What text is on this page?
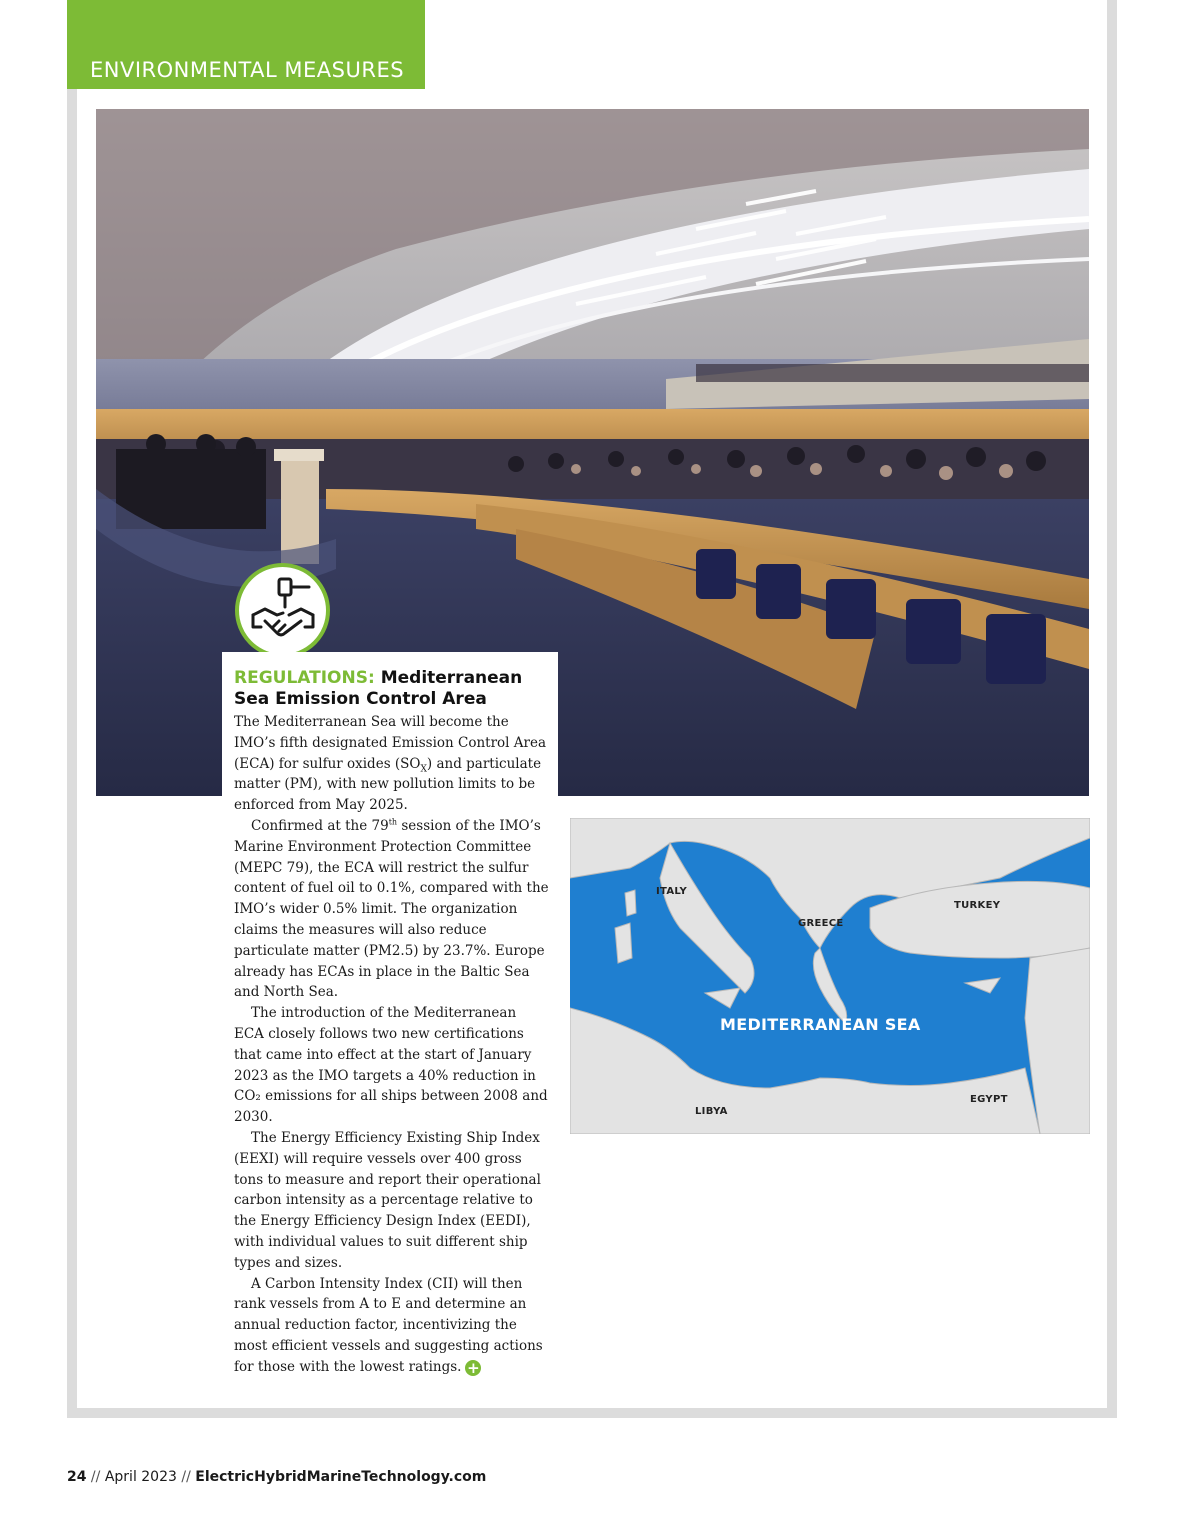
ENVIRONMENTAL MEASURES
REGULATIONS: Mediterranean Sea Emission Control Area

The Mediterranean Sea will become the IMO’s fifth designated Emission Control Area (ECA) for sulfur oxides $(SO_X)$ and particulate matter (PM), with new pollution limits to be enforced from May 2025.

Confirmed at the 79th session of the IMO’s Marine Environment Protection Committee (MEPC 79), the ECA will restrict the sulfur content of fuel oil to 0.1%, compared with the IMO’s wider 0.5% limit. The organization claims the measures will also reduce particulate matter (PM2.5) by 23.7%. Europe already has ECAs in place in the Baltic Sea and North Sea.

The introduction of the Mediterranean ECA closely follows two new certifications that came into effect at the start of January 2023 as the IMO targets a 40% reduction in CO₂ emissions for all ships between 2008 and 2030.

The Energy Efficiency Existing Ship Index (EEXI) will require vessels over 400 gross tons to measure and report their operational carbon intensity as a percentage relative to the Energy Efficiency Design Index (EEDI), with individual values to suit different ship types and sizes.

A Carbon Intensity Index (CII) will then rank vessels from A to E and determine an annual reduction factor, incentivizing the most efficient vessels and suggesting actions for those with the lowest ratings. +

ITALY
GREECE
TURKEY
MEDITERRANEAN SEA
LIBYA
EGYPT
24 // April 2023 // ElectricHybridMarineTechnology.com
